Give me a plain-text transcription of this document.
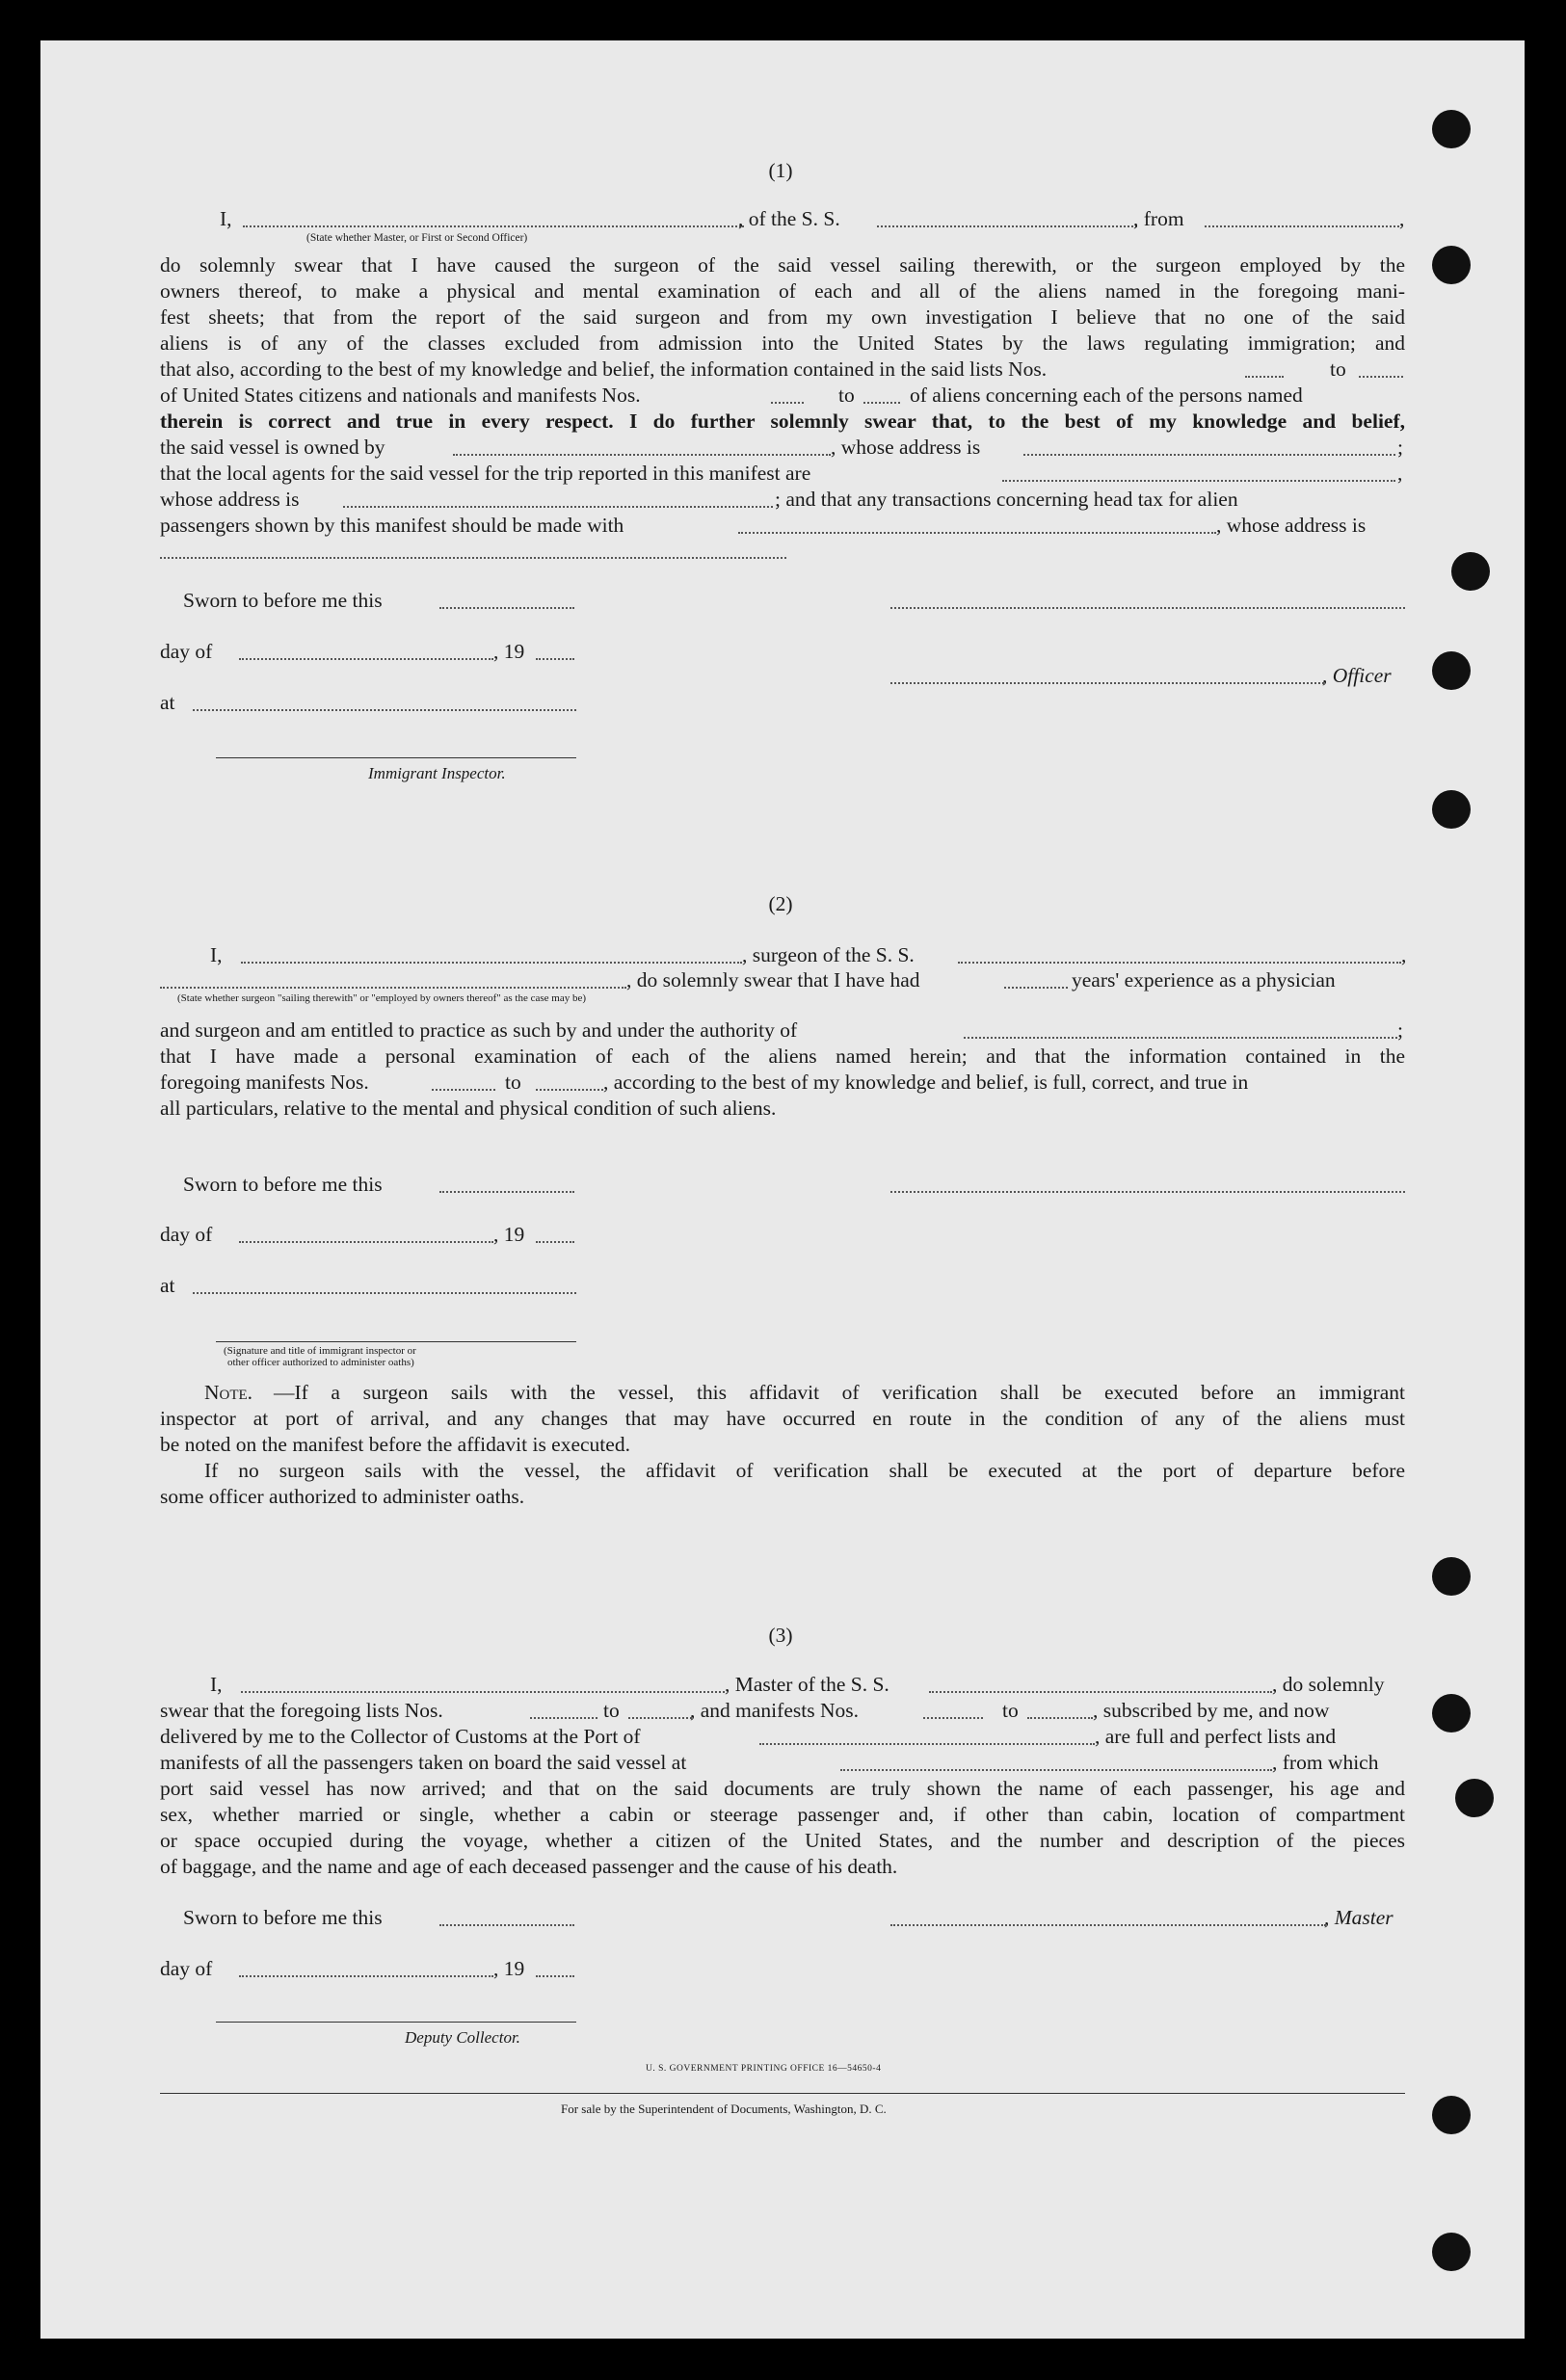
(1)
I,	, of the S. S.	, from	,
(State whether Master, or First or Second Officer)
do solemnly swear that I have caused the surgeon of the said vessel sailing therewith, or the surgeon employed by the
owners thereof, to make a physical and mental examination of each and all of the aliens named in the foregoing mani-
fest sheets; that from the report of the said surgeon and from my own investigation I believe that no one of the said
aliens is of any of the classes excluded from admission into the United States by the laws regulating immigration; and
that also, according to the best of my knowledge and belief, the information contained in the said lists Nos.	to
of United States citizens and nationals and manifests Nos.	to	of aliens concerning each of the persons named
therein is correct and true in every respect. I do further solemnly swear that, to the best of my knowledge and belief,
the said vessel is owned by	, whose address is	;
that the local agents for the said vessel for the trip reported in this manifest are	,
whose address is	; and that any transactions concerning head tax for alien
passengers shown by this manifest should be made with	, whose address is
Sworn to before me this
day of	, 19
, Officer
at
Immigrant Inspector.
(2)
I,	, surgeon of the S. S.	,
, do solemnly swear that I have had	years' experience as a physician
(State whether surgeon "sailing therewith" or "employed by owners thereof" as the case may be)
and surgeon and am entitled to practice as such by and under the authority of	;
that I have made a personal examination of each of the aliens named herein; and that the information contained in the
foregoing manifests Nos.	to	, according to the best of my knowledge and belief, is full, correct, and true in
all particulars, relative to the mental and physical condition of such aliens.
Sworn to before me this
day of	, 19
at
(Signature and title of immigrant inspector or
other officer authorized to administer oaths)
Note. —If a surgeon sails with the vessel, this affidavit of verification shall be executed before an immigrant
inspector at port of arrival, and any changes that may have occurred en route in the condition of any of the aliens must
be noted on the manifest before the affidavit is executed.
If no surgeon sails with the vessel, the affidavit of verification shall be executed at the port of departure before
some officer authorized to administer oaths.
(3)
I,	, Master of the S. S.	, do solemnly
swear that the foregoing lists Nos.	to	, and manifests Nos.	to	, subscribed by me, and now
delivered by me to the Collector of Customs at the Port of	, are full and perfect lists and
manifests of all the passengers taken on board the said vessel at	, from which
port said vessel has now arrived; and that on the said documents are truly shown the name of each passenger, his age and
sex, whether married or single, whether a cabin or steerage passenger and, if other than cabin, location of compartment
or space occupied during the voyage, whether a citizen of the United States, and the number and description of the pieces
of baggage, and the name and age of each deceased passenger and the cause of his death.
Sworn to before me this	, Master
day of	, 19
Deputy Collector.
U. S. GOVERNMENT PRINTING OFFICE 16—54650-4
For sale by the Superintendent of Documents, Washington, D. C.
